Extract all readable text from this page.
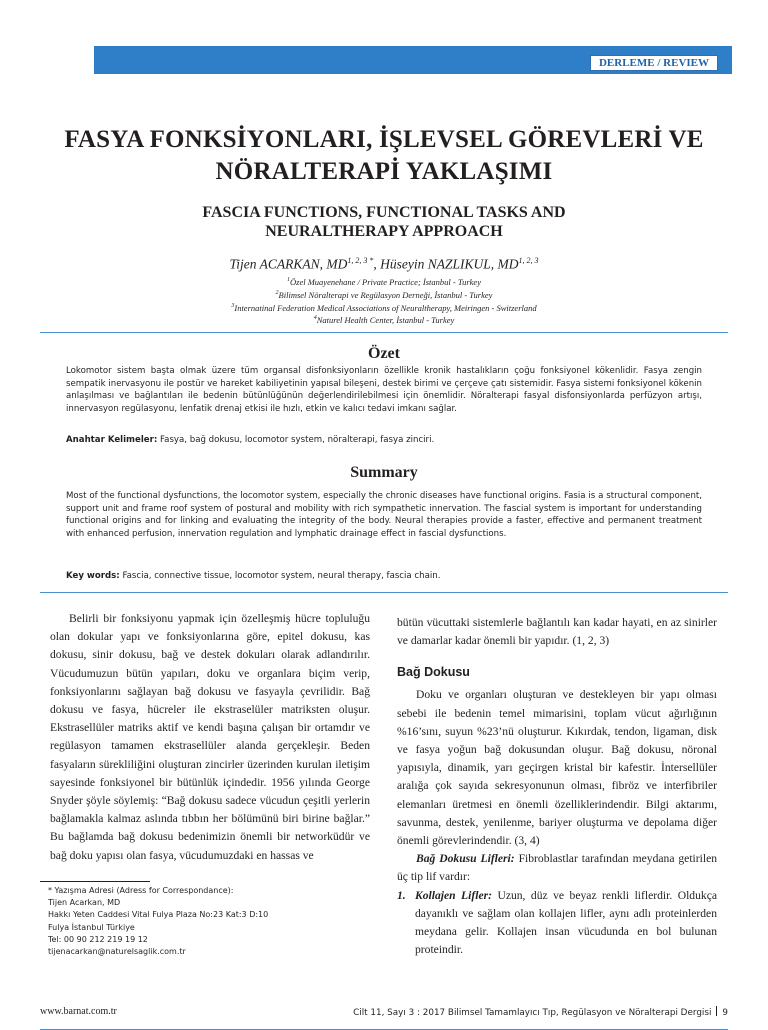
DERLEME / REVIEW
FASYA FONKSİYONLARI, İŞLEVSEL GÖREVLERİ VE
NÖRALTERAPİ YAKLAŞIMI
FASCIA FUNCTIONS, FUNCTIONAL TASKS AND
NEURALTHERAPY APPROACH
Tijen ACARKAN, $MD^{1, 2, 3 *}$, Hüseyin NAZLIKUL, MD$^{1, 2, 3}$
$^1$Özel Muayenehane / Private Practice; İstanbul - Turkey
$^2$Bilimsel Nöralterapi ve Regülasyon Derneği, İstanbul - Turkey
$^3$Internatinal Federation Medical Associations of Neuraltherapy, Meiringen - Switzerland
$^4$Naturel Health Center, İstanbul - Turkey
Özet
Lokomotor sistem başta olmak üzere tüm organsal disfonksiyonların özellikle kronik hastalıkların çoğu fonksiyonel kökenlidir. Fasya zengin sempatik inervasyonu ile postür ve hareket kabiliyetinin yapısal bileşeni, destek birimi ve çerçeve çatı sistemidir. Fasya sistemi fonksiyonel kökenin anlaşılması ve bağlantıları ile bedenin bütünlüğünün değerlendirilebilmesi için önemlidir. Nöralterapi fasyal disfonsiyonlarda perfüzyon artışı, innervasyon regülasyonu, lenfatik drenaj etkisi ile hızlı, etkin ve kalıcı tedavi imkanı sağlar.
Anahtar Kelimeler: Fasya, bağ dokusu, locomotor system, nöralterapi, fasya zinciri.
Summary
Most of the functional dysfunctions, the locomotor system, especially the chronic diseases have functional origins. Fasia is a structural component, support unit and frame roof system of postural and mobility with rich sympathetic innervation. The fascial system is important for understanding functional origins and for linking and evaluating the integrity of the body. Neural therapies provide a faster, effective and permanent treatment with enhanced perfusion, innervation regulation and lymphatic drainage effect in fascial dysfunctions.
Key words: Fascia, connective tissue, locomotor system, neural therapy, fascia chain.

Belirli bir fonksiyonu yapmak için özelleşmiş hücre topluluğu olan dokular yapı ve fonksiyonlarına göre, epitel dokusu, kas dokusu, sinir dokusu, bağ ve destek dokuları olarak adlandırılır. Vücudumuzun bütün yapıları, doku ve organlara biçim verip, fonksiyonlarını sağlayan bağ dokusu ve fasyayla çevrilidir. Bağ dokusu ve fasya, hücreler ile ekstraselüler matriksten oluşur. Ekstrasellüler matriks aktif ve kendi başına çalışan bir ortamdır ve regülasyon tamamen ekstrasellüler alanda gerçekleşir. Beden fasyaların sürekliliğini oluşturan zincirler üzerinden kurulan iletişim sayesinde fonksiyonel bir bütünlük içindedir. 1956 yılında George Snyder şöyle söylemiş: “Bağ dokusu sadece vücudun çeşitli yerlerin bağlamakla kalmaz aslında tıbbın her bölümünü biri birine bağlar.” Bu bağlamda bağ dokusu bedenimizin önemli bir networküdür ve bağ doku yapısı olan fasya, vücudumuzdaki en hassas ve

bütün vücuttaki sistemlerle bağlantılı kan kadar hayati, en az sinirler ve damarlar kadar önemli bir yapıdır. (1, 2, 3)

Bağ Dokusu

Doku ve organları oluşturan ve destekleyen bir yapı olması sebebi ile bedenin temel mimarisini, toplam vücut ağırlığının %16’sını, suyun %23’nü oluşturur. Kıkırdak, tendon, ligaman, disk ve fasya yoğun bağ dokusundan oluşur. Bağ dokusu, nöronal yapısıyla, dinamik, yarı geçirgen kristal bir kafestir. İntersellüler aralığa çok sayıda sekresyonunun olması, fibröz ve interfibriler elemanları üretmesi en önemli özelliklerindendir. Bilgi aktarımı, savunma, destek, yenilenme, bariyer oluşturma ve depolama diğer önemli görevlerindendir. (3, 4)

Bağ Dokusu Lifleri: Fibroblastlar tarafından meydana getirilen üç tip lif vardır:

1. Kollajen Lifler: Uzun, düz ve beyaz renkli liflerdir. Oldukça dayanıklı ve sağlam olan kollajen lifler, aynı adlı proteinlerden meydana gelir. Kollajen insan vücudunda en bol bulunan proteindir.
* Yazışma Adresi (Adress for Correspondance):
Tijen Acarkan, MD
Hakkı Yeten Caddesi Vital Fulya Plaza No:23 Kat:3 D:10
Fulya İstanbul Türkiye
Tel: 00 90 212 219 19 12
tijenacarkan@naturelsaglik.com.tr
www.barnat.com.tr	Cilt 11, Sayı 3 : 2017 Bilimsel Tamamlayıcı Tıp, Regülasyon ve Nöralterapi Dergisi 9
